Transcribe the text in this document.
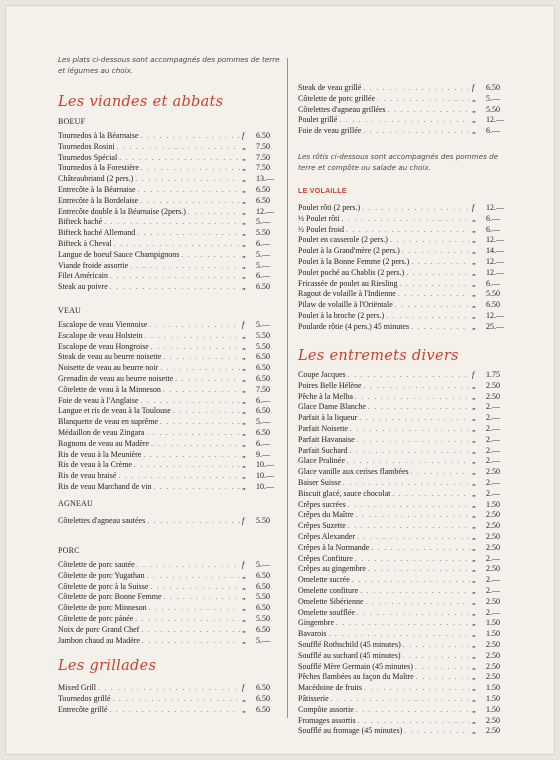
Les plats ci-dessous sont accompagnés des pommes de terre et légumes au choix.

Les viandes et abbats

BOEUF

Tournedos à la Béarnaise . . .	f	6.50
Tournedos Rosini . . .	„	7.50
Tournedos Spécial . . .	„	7.50
Tournedos à la Forestière . . .	„	7.50
Châteaubriand (2 pers.) . . .	„	13.—
Entrecôte à la Béarnaise . . .	„	6.50
Entrecôte à la Bordelaise . . .	„	6.50
Entrecôte double à la Béarnaise (2pers.) . . .	„	12.—
Bifteck haché . . .	„	5.—
Bifteck haché Allemand . . .	„	5.50
Bifteck à Cheval . . .	„	6.—
Langue de boeuf Sauce Champignons . . .	„	5.—
Viande froide assortie . . .	„	5.—
Filet Américain . . .	„	6.—
Steak au poivre . . .	„	6.50

VEAU

Escalope de veau Viennoise . . .	f	5.—
Escalope de veau Holstein . . .	„	5.50
Escalope de veau Hongroise . . .	„	5.50
Steak de veau au beurre noisette . . .	„	6.50
Noisette de veau au beurre noir . . .	„	6.50
Grenadin de veau au beurre noisette . . .	„	6.50
Côtelette de veau à la Minneson . . .	„	7.50
Foie de veau à l'Anglaise . . .	„	6.—
Langue et ris de veau à la Toulouse . . .	„	6.50
Blanquette de veau en suprême . . .	„	5.—
Médaillon de veau Zingara . . .	„	6.50
Rognons de veau au Madère . . .	„	6.—
Ris de veau à la Meunière . . .	„	9.—
Ris de veau à la Crème . . .	„	10.—
Ris de veau braisé . . .	„	10.—
Ris de veau Marchand de vin . . .	„	10.—

AGNEAU

Côtelettes d'agneau sautées . . .	f	5.50

PORC

Côtelette de porc sautée . . .	f	5.—
Côtelette de porc Yugathan . . .	„	6.50
Côtelette de porc à la Suisse . . .	„	6.50
Côtelette de porc Bonne Femme . . .	„	5.50
Côtelette de porc Minneson . . .	„	6.50
Côtelette de porc pánée . . .	„	5.50
Noix de porc Grand Chef . . .	„	6.50
Jambon chaud au Madère . . .	„	5.—

Les grillades

Mixed Grill . . .	f	6.50
Tournedos grillé . . .	„	6.50
Entrecôte grillé . . .	„	6.50
Steak de veau grillé . . .	f	6.50
Côtelette de porc grillée . . .	„	5.—
Côtelettes d'agneau grillées . . .	„	5.50
Poulet grillé . . .	„	12.—
Foie de veau grillée . . .	„	6.—

Les rôtis ci-dessous sont accompagnés des pommes de terre et compôte ou salade au choix.

LE VOLAILLE

Poulet rôti (2 pers.) . . .	f	12.—
½ Poulet rôti . . .	„	6.—
½ Poulet froid . . .	„	6.—
Poulet en casserole (2 pers.) . . .	„	12.—
Poulet à la Grand'mère (2 pers.) . . .	„	14.—
Poulet à la Bonne Femme (2 pers.) . . .	„	12.—
Poulet poché au Chablis (2 pers.) . . .	„	12.—
Fricassée de poulet au Riesling . . .	„	6.—
Ragout de volaille à l'Indienne . . .	„	5.50
Pilaw de volaille à l'Oriëntale . . .	„	6.50
Poulet à la broche (2 pers.) . . .	„	12.—
Poularde rôtie (4 pers.) 45 minutes . . .	„	25.—

Les entremets divers

Coupe Jacques . . .	f	1.75
Poires Belle Hélène . . .	„	2.50
Pêche à la Melba . . .	„	2.50
Glace Dame Blanche . . .	„	2.—
Parfait à la liqueur . . .	„	2.—
Parfait Noisette . . .	„	2.—
Parfait Havanaise . . .	„	2.—
Parfait Suchard . . .	„	2.—
Glace Pralinée . . .	„	2.—
Glace vanille aux cerises flambées . . .	„	2.50
Baiser Suisse . . .	„	2.—
Biscuit glacé, sauce chocolat . . .	„	2.—
Crêpes sucrées . . .	„	1.50
Crêpes du Maître . . .	„	2.50
Crêpes Suzette . . .	„	2.50
Crêpes Alexander . . .	„	2.50
Crêpes à la Normande . . .	„	2.50
Crêpes Confiture . . .	„	2.—
Crêpes au gingembre . . .	„	2.50
Omelette sucrée . . .	„	2.—
Omelette confiture . . .	„	2.—
Omelette Sibérienne . . .	„	2.50
Omelette soufflée . . .	„	2.—
Gingembre . . .	„	1.50
Bavarois . . .	„	1.50
Soufflé Rothschild (45 minutes) . . .	„	2.50
Soufflé au suchard (45 minutes) . . .	„	2.50
Soufflé Mère Germain (45 minutes) . . .	„	2.50
Pêches flambées au façon du Maître . . .	„	2.50
Macédoine de fruits . . .	„	1.50
Pâtisserie . . .	„	1.50
Compôte assortie . . .	„	1.50
Fromages assortis . . .	„	2.50
Soufflé au fromage (45 minutes) . . .	„	2.50
